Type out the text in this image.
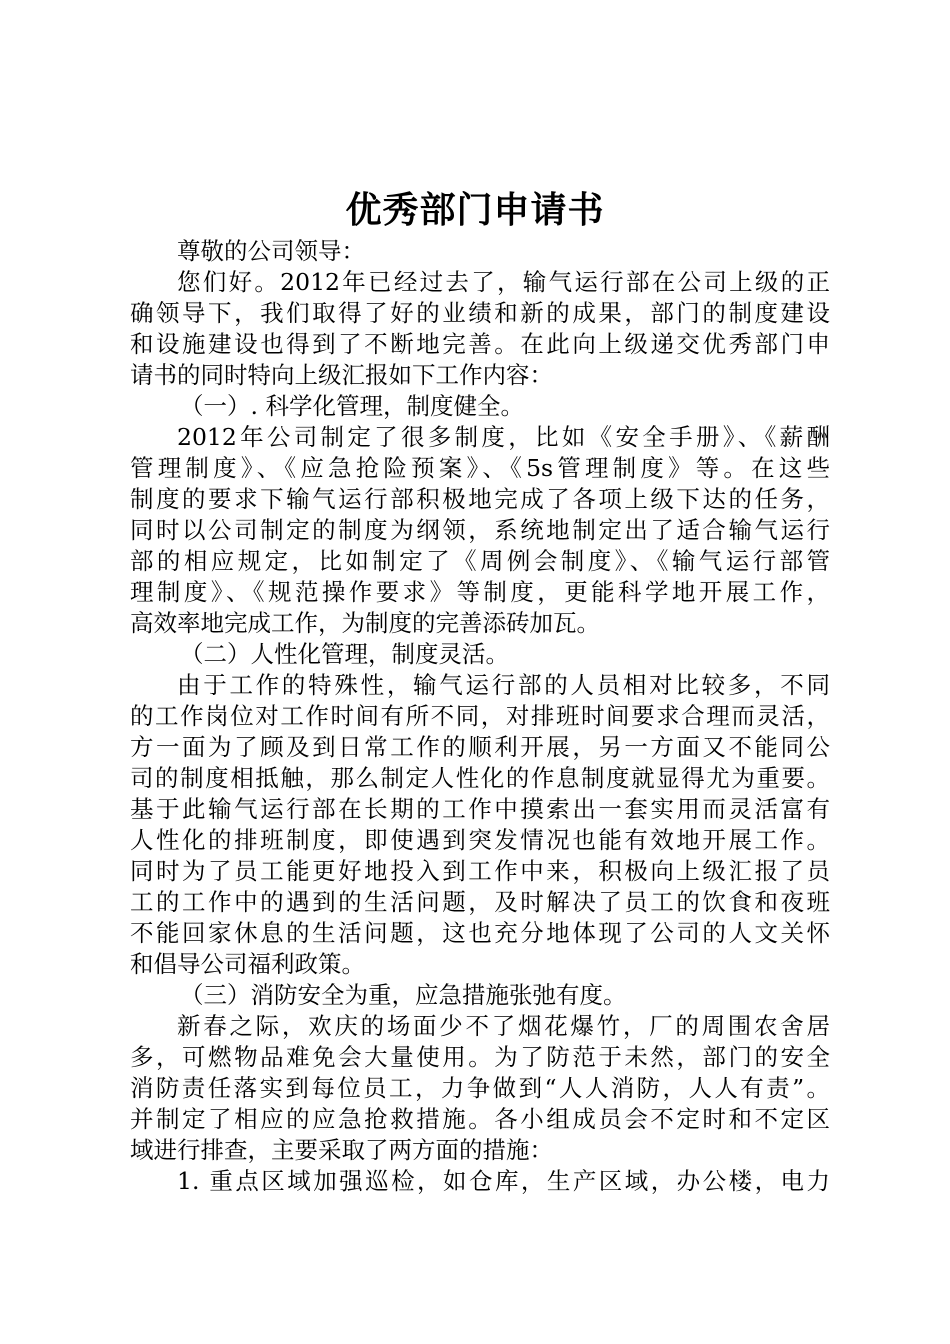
优秀部门申请书
尊敬的公司领导：
您们好。2012年已经过去了，输气运行部在公司上级的正
确领导下，我们取得了好的业绩和新的成果，部门的制度建设
和设施建设也得到了不断地完善。在此向上级递交优秀部门申
请书的同时特向上级汇报如下工作内容：
（一）. 科学化管理，制度健全。
2012年公司制定了很多制度，比如《安全手册》、《薪酬
管理制度》、《应急抢险预案》、《5s管理制度》等。在这些
制度的要求下输气运行部积极地完成了各项上级下达的任务，
同时以公司制定的制度为纲领，系统地制定出了适合输气运行
部的相应规定，比如制定了《周例会制度》、《输气运行部管
理制度》、《规范操作要求》等制度，更能科学地开展工作，
高效率地完成工作，为制度的完善添砖加瓦。
（二）人性化管理，制度灵活。
由于工作的特殊性，输气运行部的人员相对比较多，不同
的工作岗位对工作时间有所不同，对排班时间要求合理而灵活，
方一面为了顾及到日常工作的顺利开展，另一方面又不能同公
司的制度相抵触，那么制定人性化的作息制度就显得尤为重要。
基于此输气运行部在长期的工作中摸索出一套实用而灵活富有
人性化的排班制度，即使遇到突发情况也能有效地开展工作。
同时为了员工能更好地投入到工作中来，积极向上级汇报了员
工的工作中的遇到的生活问题，及时解决了员工的饮食和夜班
不能回家休息的生活问题，这也充分地体现了公司的人文关怀
和倡导公司福利政策。
（三）消防安全为重，应急措施张弛有度。
新春之际，欢庆的场面少不了烟花爆竹，厂的周围农舍居
多，可燃物品难免会大量使用。为了防范于未然，部门的安全
消防责任落实到每位员工，力争做到“人人消防，人人有责”。
并制定了相应的应急抢救措施。各小组成员会不定时和不定区
域进行排查，主要采取了两方面的措施：
1. 重点区域加强巡检，如仓库，生产区域，办公楼，电力
